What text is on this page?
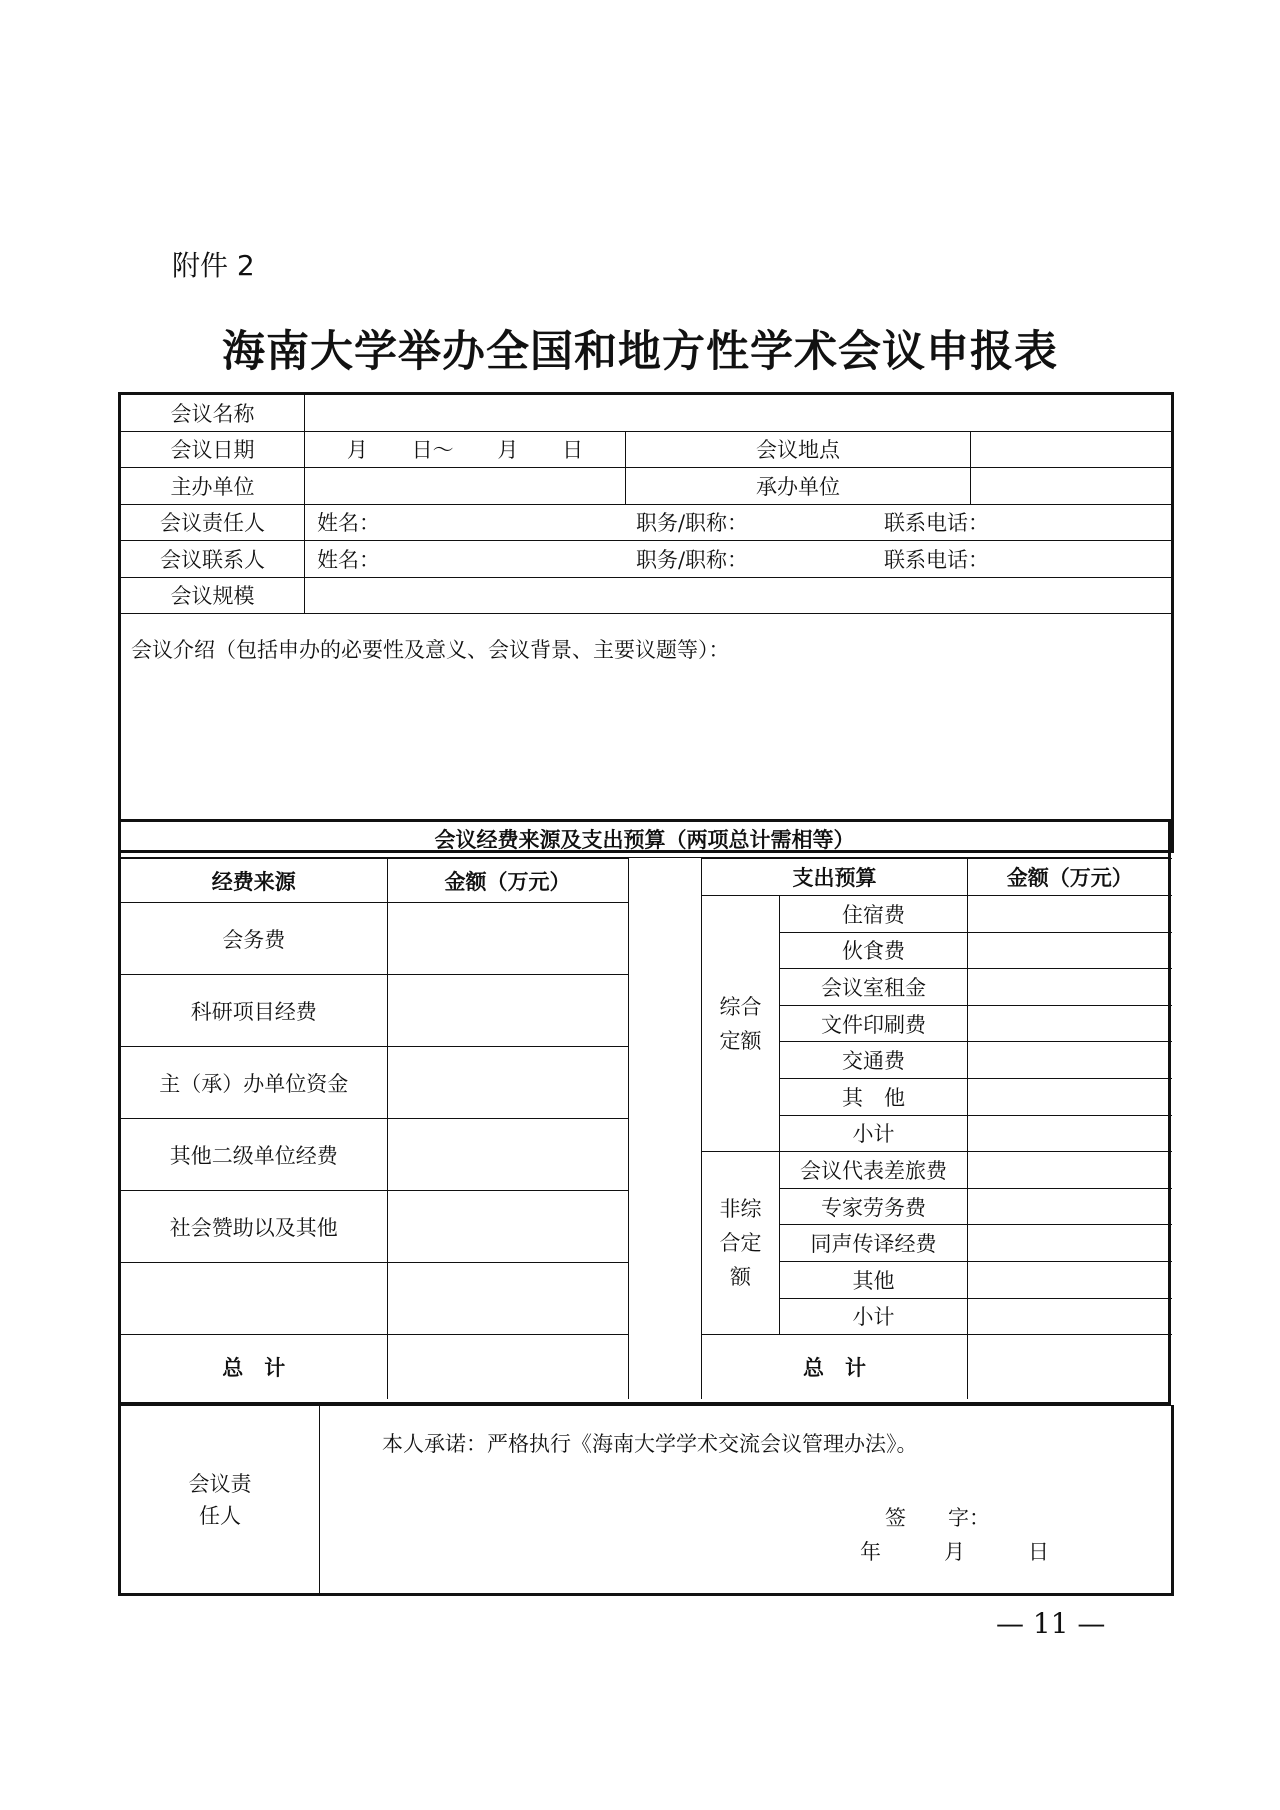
附件 2
海南大学举办全国和地方性学术会议申报表
会议名称			
会议日期	月 日～ 月 日	会议地点	
主办单位		承办单位	
会议责任人	姓名： 职务/职称： 联系电话：		

会议联系人	姓名： 职务/职称： 联系电话：		

会议规模			
会议介绍（包括申办的必要性及意义、会议背景、主要议题等）：			
会议经费来源及支出预算（两项总计需相等）
经费来源	金额（万元）
会务费	
科研项目经费	
主（承）办单位资金	
其他二级单位经费	
社会赞助以及其他	

总　计	
支出预算		金额（万元）
综合定额	住宿费	
	伙食费	
	会议室租金	
	文件印刷费	
	交通费	
	其　他	
	小计	
非综合定额	会议代表差旅费	
	专家劳务费	
	同声传译经费	
	其他	
	小计	
总　计		
会议责任人	本人承诺：严格执行《海南大学学术交流会议管理办法》。
签　　字：
年　　　月　　　日
— 11 —
